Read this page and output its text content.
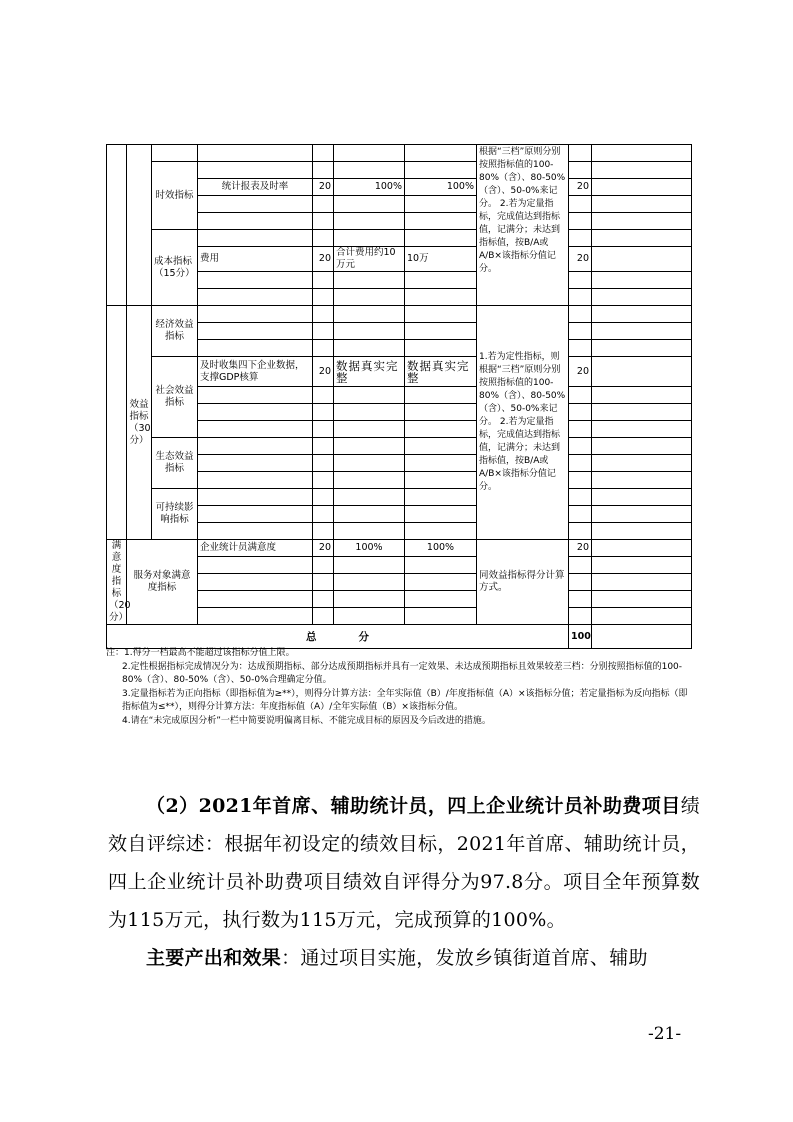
							根据“三档”原则分别按照指标值的100-80%（含）、80-50%（含）、50-0%来记分。 2.若为定量指标，完成值达到指标值，记满分；未达到指标值，按B/A或A/B×该指标分值记分。		
		时效指标							
			统计报表及时率	20	100%	100%		20	

		成本指标（15分）							
			费用	20	合计费用约10万元	10万		20	

	效益指标（30分）	经济效益指标					1.若为定性指标，则根据“三档”原则分别按照指标值的100-80%（含）、80-50%（含）、50-0%来记分。 2.若为定量指标，完成值达到指标值，记满分；未达到指标值，按B/A或A/B×该指标分值记分。		

		社会效益指标	及时收集四下企业数据，支撑GDP核算	20	数据真实完整	数据真实完整		20	

		生态效益指标							

		可持续影响指标							

满意度指标（20分）	服务对象满意度指标		企业统计员满意度	20	100%	100%	同效益指标得分计算方式。	20	

总　　　　分								100	

注：1.得分一档最高不能超过该指标分值上限。

2.定性根据指标完成情况分为：达成预期指标、部分达成预期指标并具有一定效果、未达成预期指标且效果较差三档：分别按照指标值的100-80%（含）、80-50%（含）、50-0%合理确定分值。

3.定量指标若为正向指标（即指标值为≥**），则得分计算方法：全年实际值（B）/年度指标值（A）×该指标分值；若定量指标为反向指标（即指标值为≤**），则得分计算方法：年度指标值（A）/全年实际值（B）×该指标分值。

4.请在“未完成原因分析”一栏中简要说明偏离目标、不能完成目标的原因及今后改进的措施。

（2）2021年首席、辅助统计员，四上企业统计员补助费项目绩效自评综述：根据年初设定的绩效目标，2021年首席、辅助统计员，四上企业统计员补助费项目绩效自评得分为97.8分。项目全年预算数为115万元，执行数为115万元，完成预算的100%。

主要产出和效果：通过项目实施，发放乡镇街道首席、辅助

-21-
